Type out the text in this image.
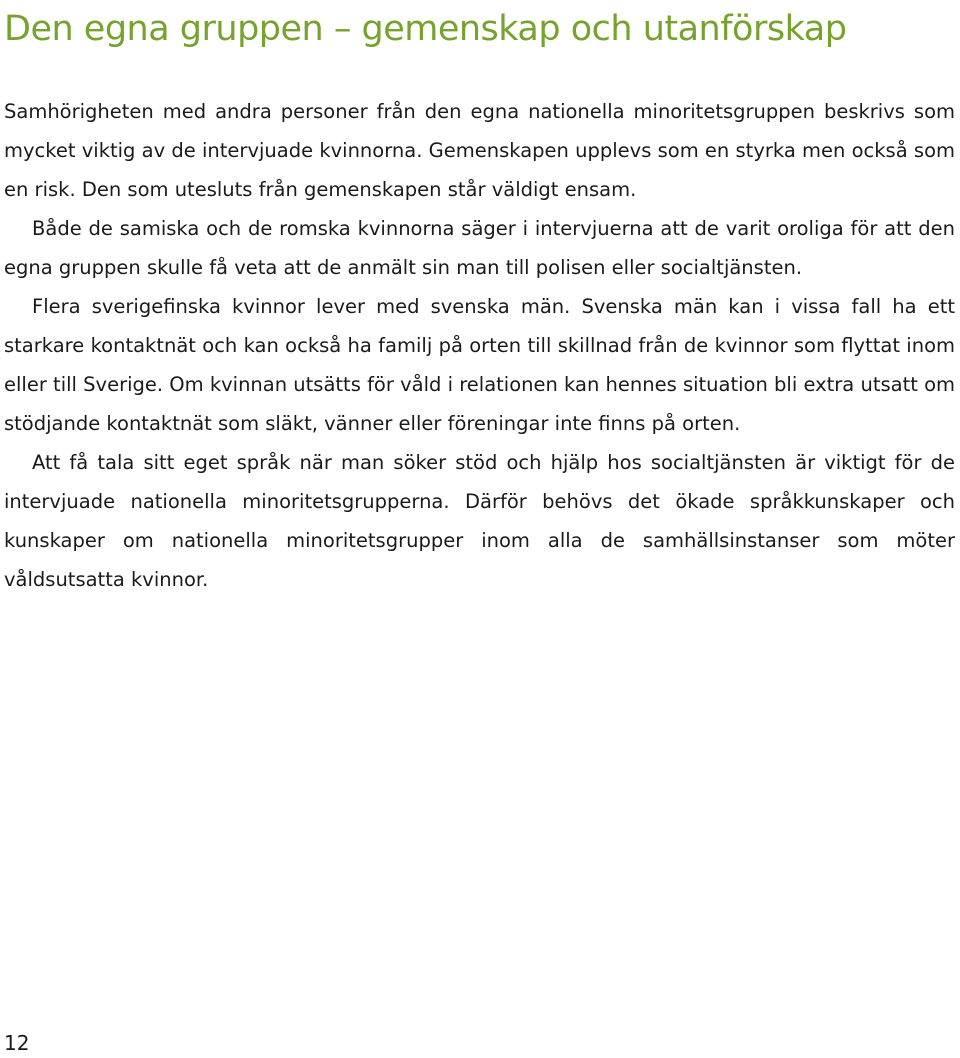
Den egna gruppen – gemenskap och utanförskap

Samhörigheten med andra personer från den egna nationella minoritetsgruppen beskrivs som mycket viktig av de intervjuade kvinnorna. Gemenskapen upplevs som en styrka men också som en risk. Den som utesluts från gemenskapen står väldigt ensam.

Både de samiska och de romska kvinnorna säger i intervjuerna att de varit oroliga för att den egna gruppen skulle få veta att de anmält sin man till polisen eller socialtjänsten.

Flera sverigefinska kvinnor lever med svenska män. Svenska män kan i vissa fall ha ett starkare kontaktnät och kan också ha familj på orten till skillnad från de kvinnor som flyttat inom eller till Sverige. Om kvinnan utsätts för våld i relationen kan hennes situation bli extra utsatt om stödjande kontaktnät som släkt, vänner eller föreningar inte finns på orten.

Att få tala sitt eget språk när man söker stöd och hjälp hos socialtjänsten är viktigt för de intervjuade nationella minoritetsgrupperna. Därför behövs det ökade språkkunskaper och kunskaper om nationella minoritetsgrupper inom alla de samhällsinstanser som möter våldsutsatta kvinnor.

12
